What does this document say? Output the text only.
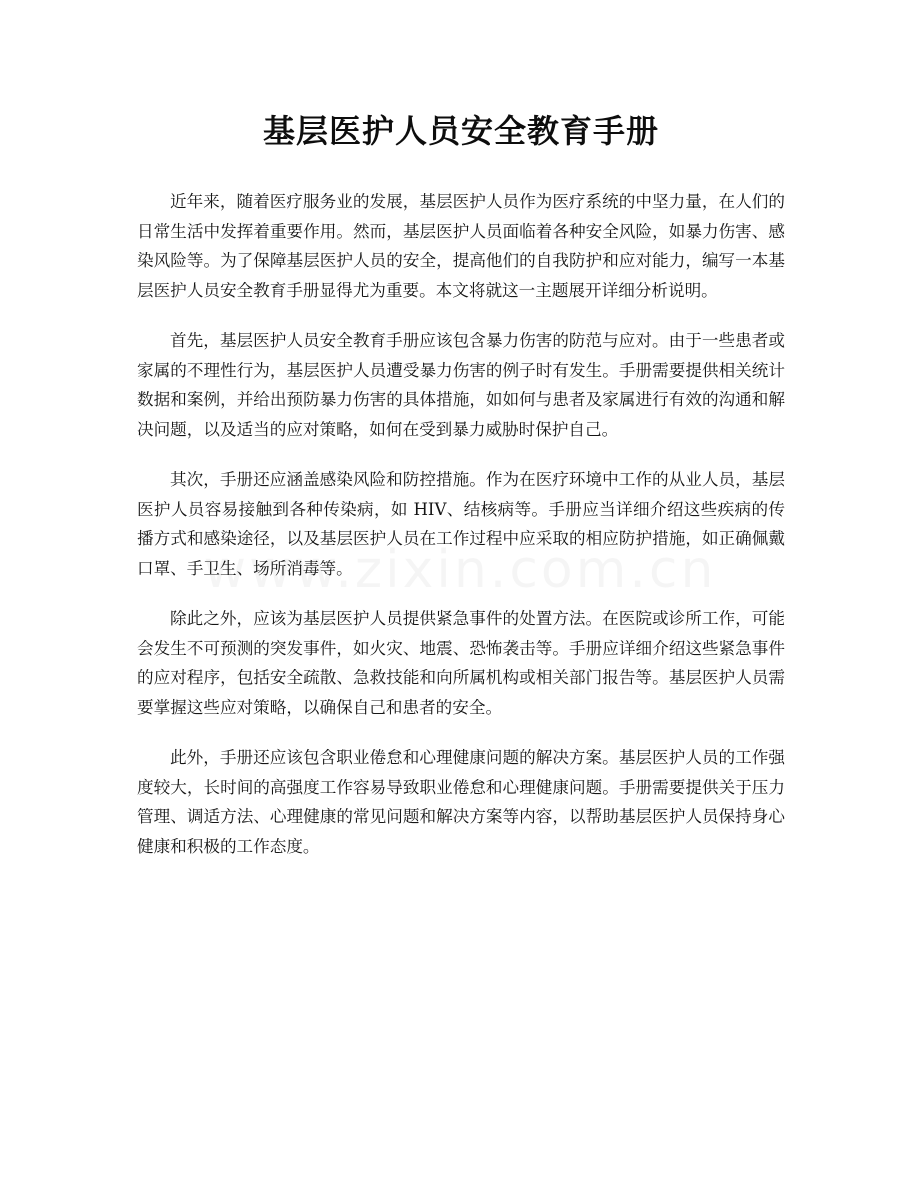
基层医护人员安全教育手册

近年来，随着医疗服务业的发展，基层医护人员作为医疗系统的中坚力量，在人们的日常生活中发挥着重要作用。然而，基层医护人员面临着各种安全风险，如暴力伤害、感染风险等。为了保障基层医护人员的安全，提高他们的自我防护和应对能力，编写一本基层医护人员安全教育手册显得尤为重要。本文将就这一主题展开详细分析说明。

首先，基层医护人员安全教育手册应该包含暴力伤害的防范与应对。由于一些患者或家属的不理性行为，基层医护人员遭受暴力伤害的例子时有发生。手册需要提供相关统计数据和案例，并给出预防暴力伤害的具体措施，如如何与患者及家属进行有效的沟通和解决问题，以及适当的应对策略，如何在受到暴力威胁时保护自己。

其次，手册还应涵盖感染风险和防控措施。作为在医疗环境中工作的从业人员，基层医护人员容易接触到各种传染病，如 HIV、结核病等。手册应当详细介绍这些疾病的传播方式和感染途径，以及基层医护人员在工作过程中应采取的相应防护措施，如正确佩戴口罩、手卫生、场所消毒等。

除此之外，应该为基层医护人员提供紧急事件的处置方法。在医院或诊所工作，可能会发生不可预测的突发事件，如火灾、地震、恐怖袭击等。手册应详细介绍这些紧急事件的应对程序，包括安全疏散、急救技能和向所属机构或相关部门报告等。基层医护人员需要掌握这些应对策略，以确保自己和患者的安全。

此外，手册还应该包含职业倦怠和心理健康问题的解决方案。基层医护人员的工作强度较大，长时间的高强度工作容易导致职业倦怠和心理健康问题。手册需要提供关于压力管理、调适方法、心理健康的常见问题和解决方案等内容，以帮助基层医护人员保持身心健康和积极的工作态度。
